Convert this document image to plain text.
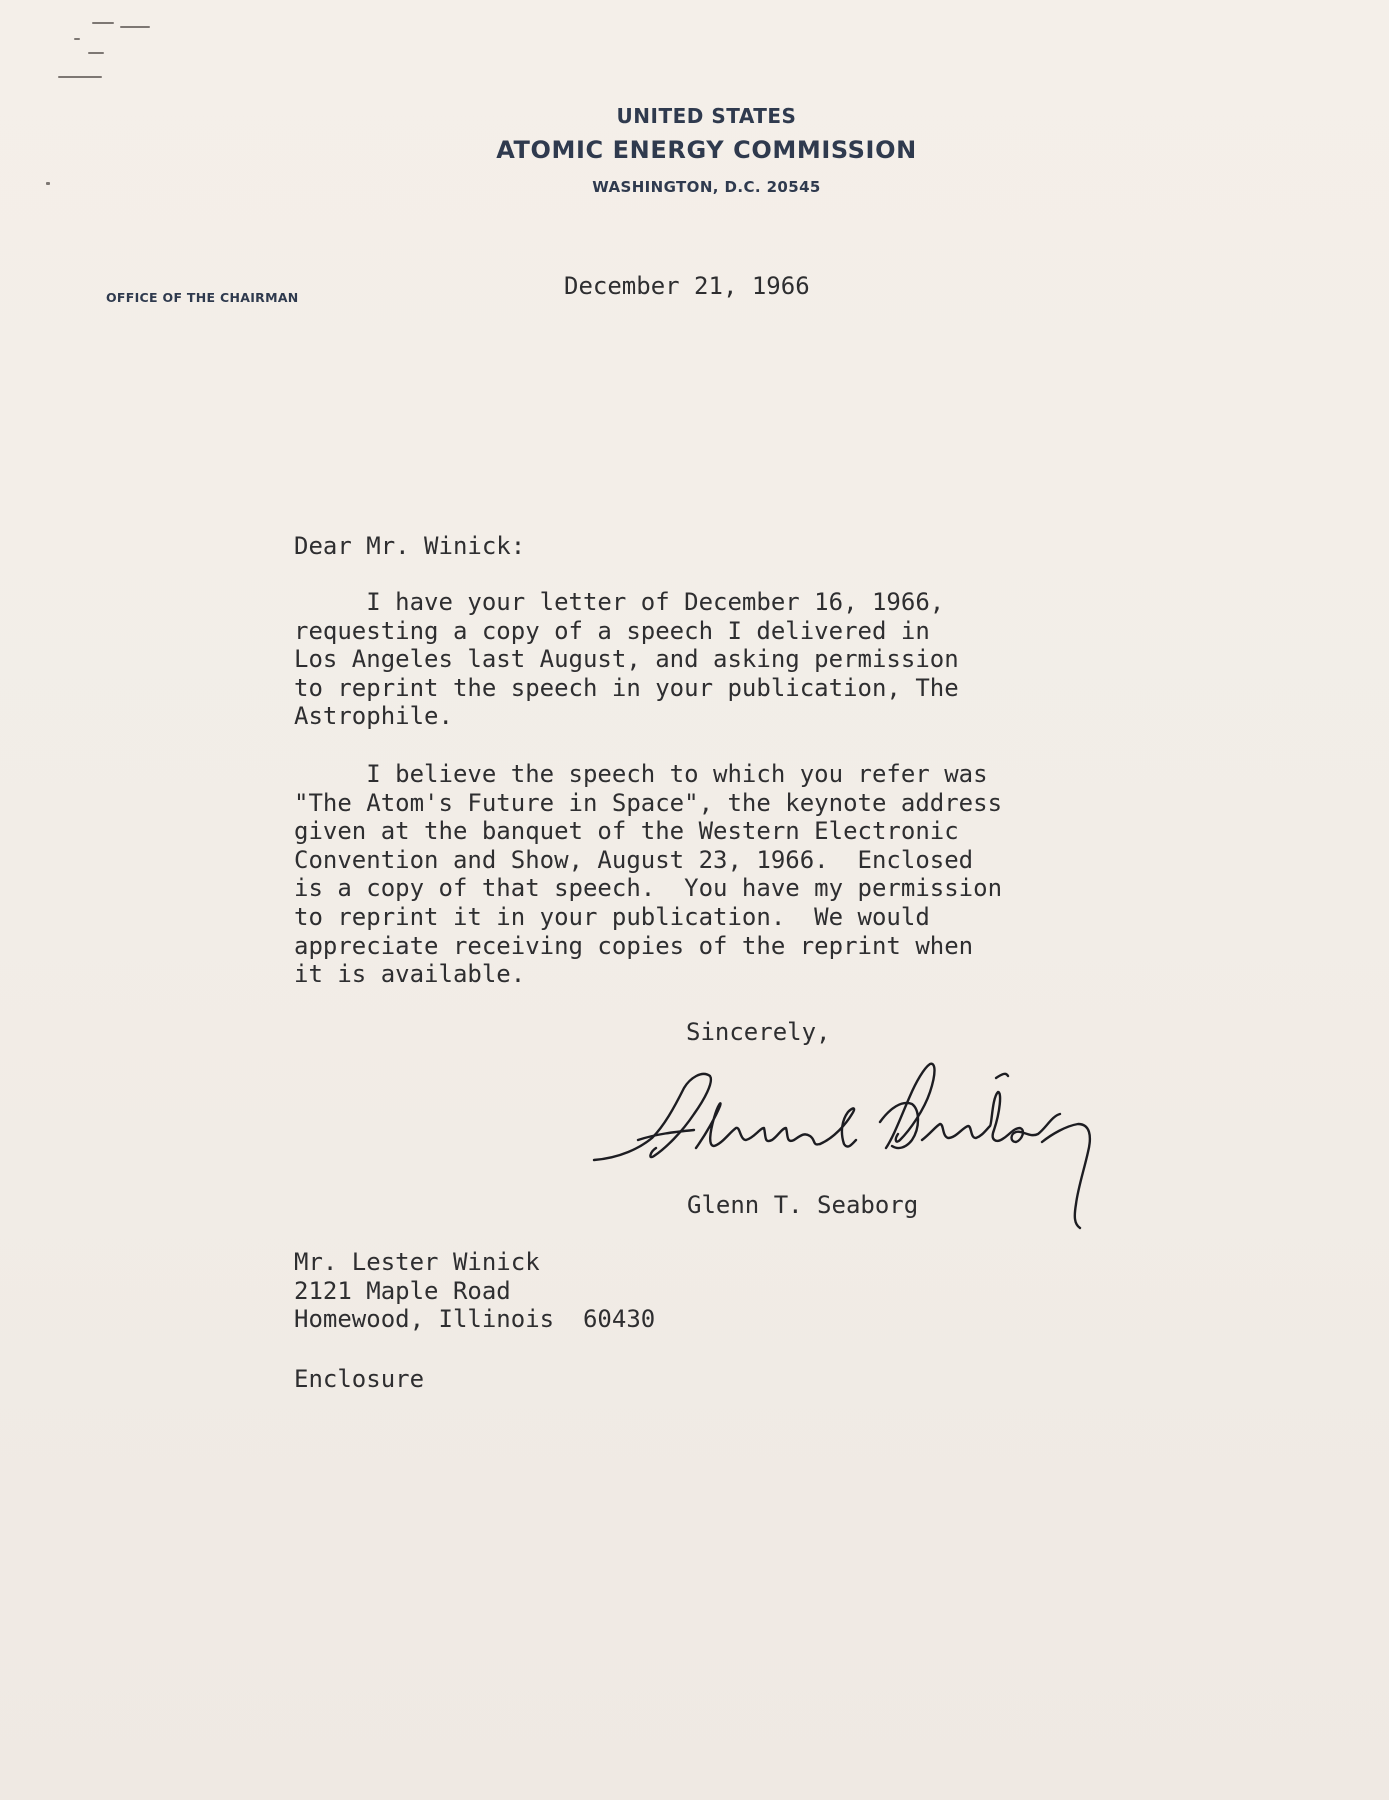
UNITED STATES
ATOMIC ENERGY COMMISSION
WASHINGTON, D.C. 20545
OFFICE OF THE CHAIRMAN	December 21, 1966

Dear Mr. Winick:

I have your letter of December 16, 1966,
requesting a copy of a speech I delivered in
Los Angeles last August, and asking permission
to reprint the speech in your publication, The
Astrophile.

I believe the speech to which you refer was
"The Atom's Future in Space", the keynote address
given at the banquet of the Western Electronic
Convention and Show, August 23, 1966.  Enclosed
is a copy of that speech.  You have my permission
to reprint it in your publication.  We would
appreciate receiving copies of the reprint when
it is available.

Sincerely,

Glenn T. Seaborg

Mr. Lester Winick
2121 Maple Road
Homewood, Illinois  60430

Enclosure
